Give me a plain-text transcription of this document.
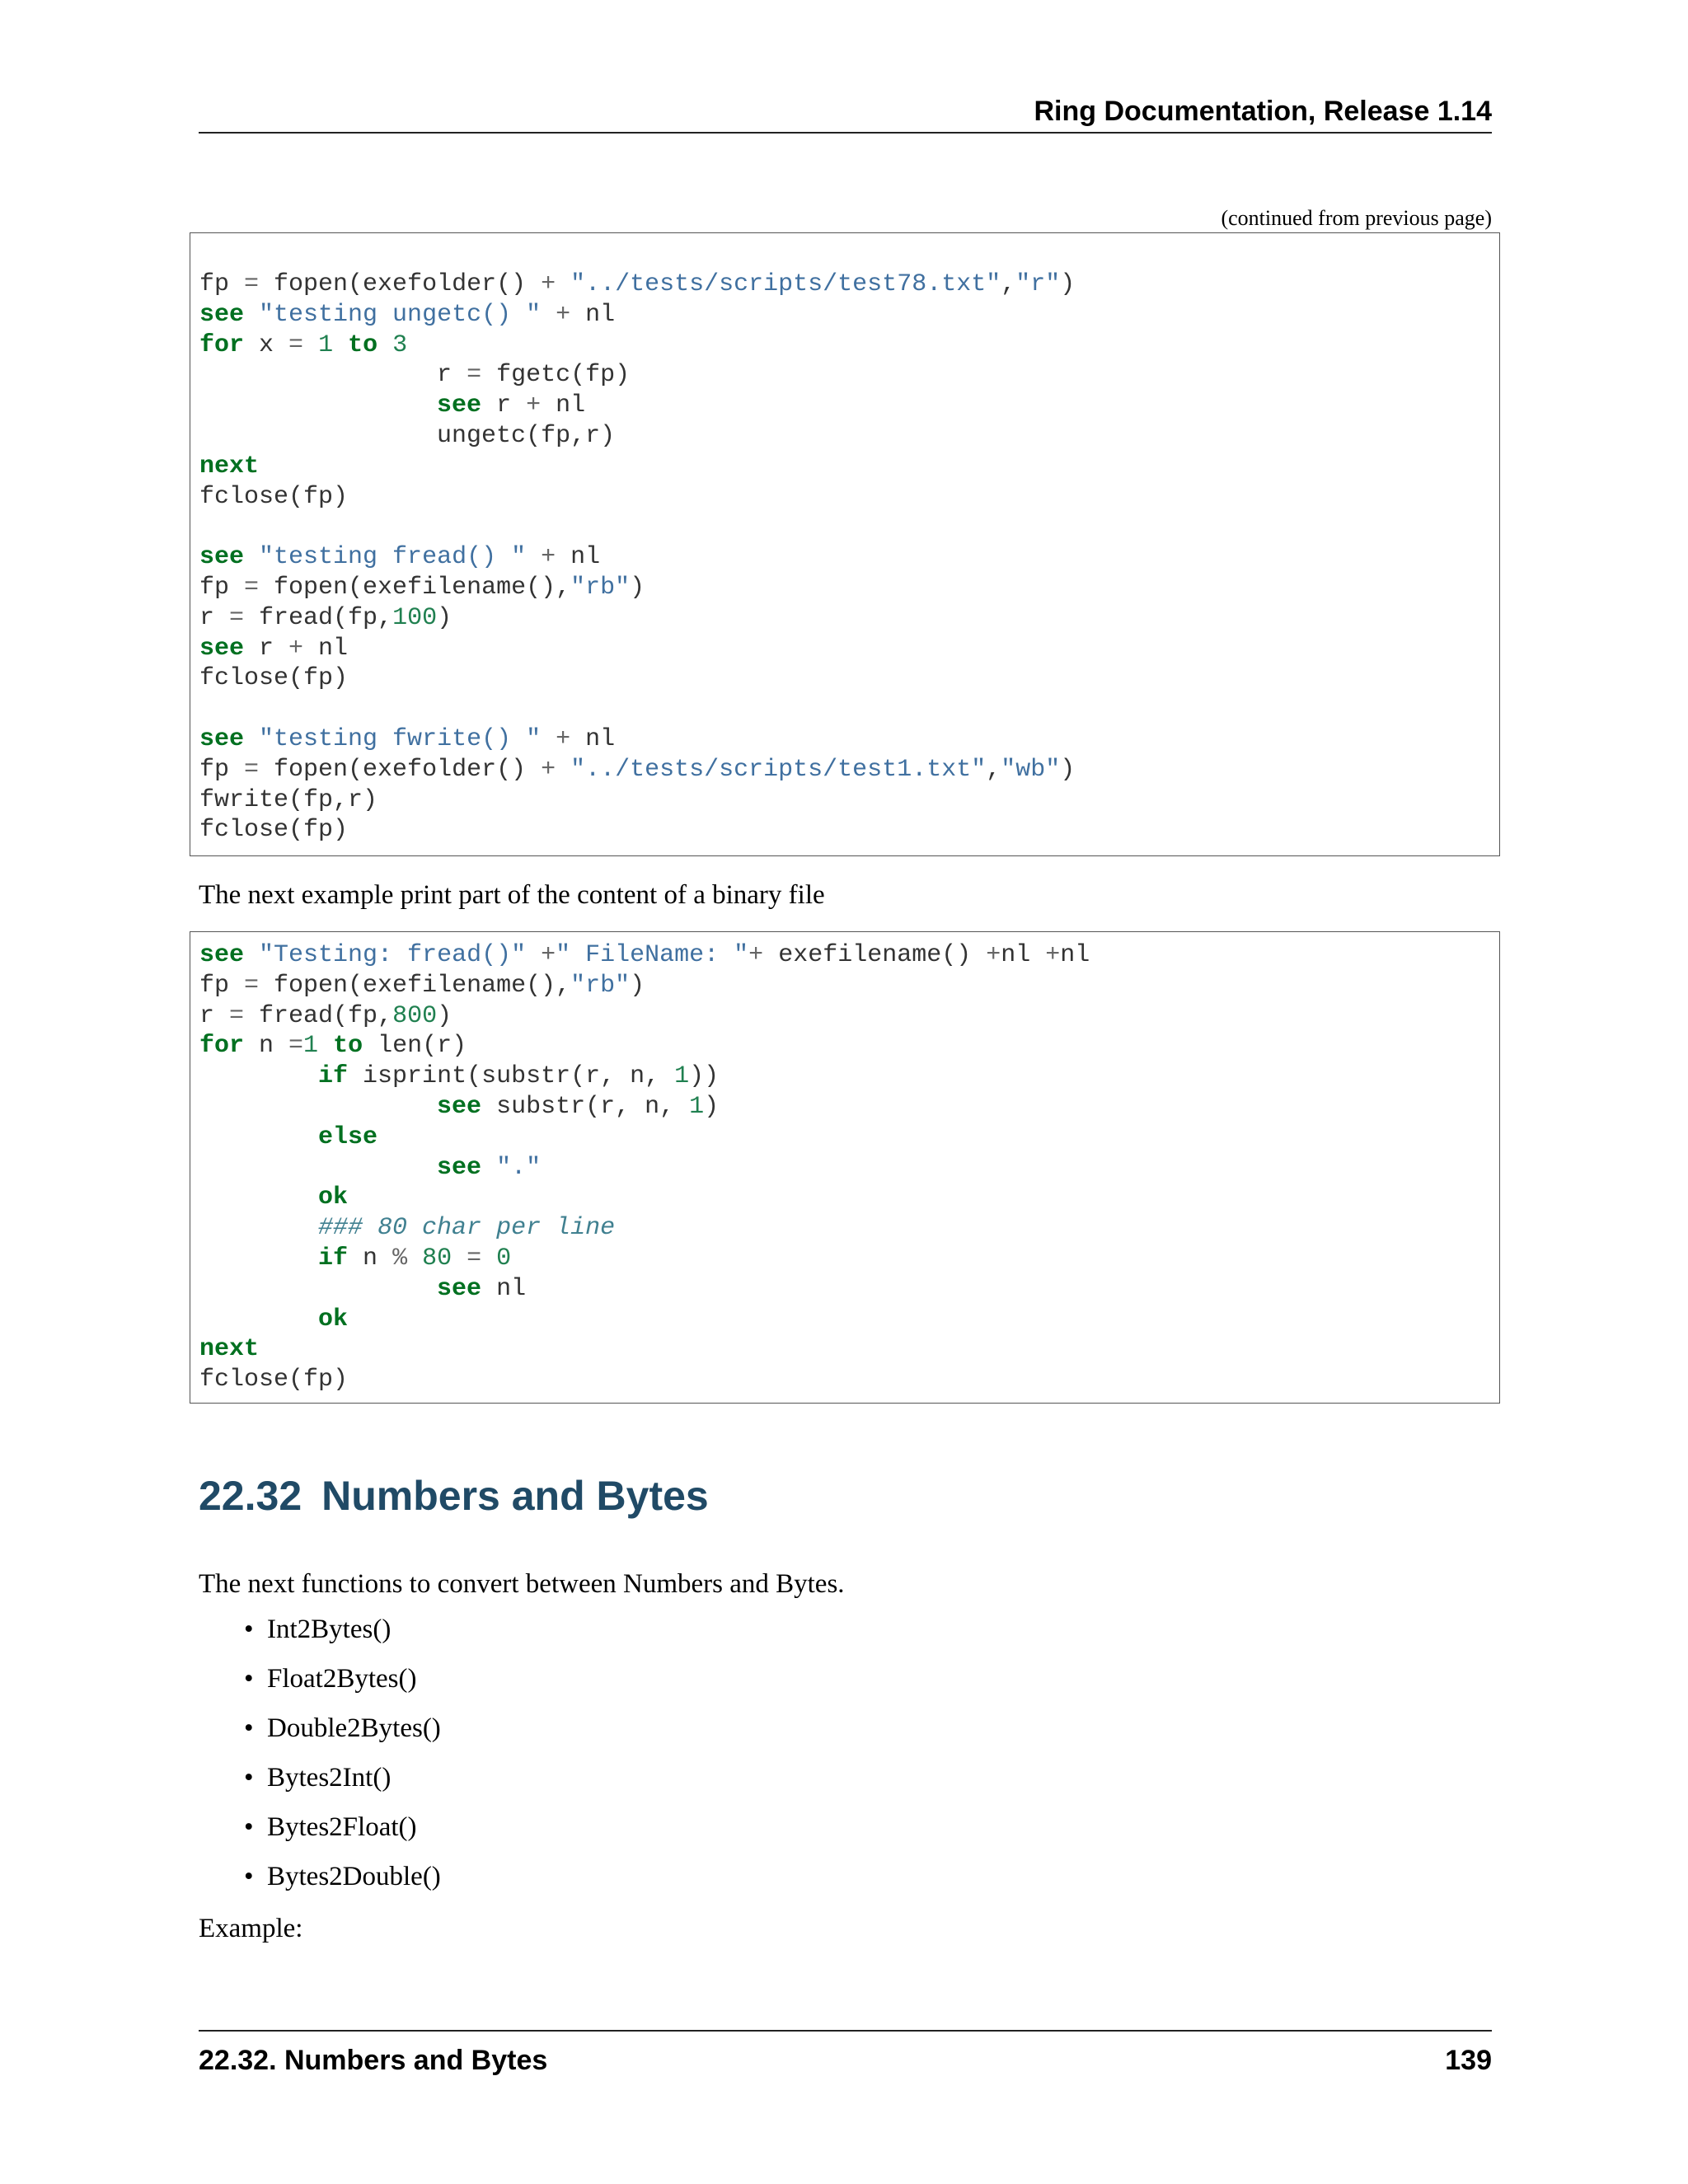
Ring Documentation, Release 1.14
(continued from previous page)
fp = fopen(exefolder() + "../tests/scripts/test78.txt","r")
see "testing ungetc() " + nl
for x = 1 to 3
r = fgetc(fp)
see r + nl
ungetc(fp,r)
next
fclose(fp)

see "testing fread() " + nl
fp = fopen(exefilename(),"rb")
r = fread(fp,100)
see r + nl
fclose(fp)

see "testing fwrite() " + nl
fp = fopen(exefolder() + "../tests/scripts/test1.txt","wb")
fwrite(fp,r)
fclose(fp)
The next example print part of the content of a binary file
see "Testing: fread()" +" FileName: "+ exefilename() +nl +nl
fp = fopen(exefilename(),"rb")
r = fread(fp,800)
for n =1 to len(r)
if isprint(substr(r, n, 1))
see substr(r, n, 1)
else
see "."
ok
### 80 char per line
if n % 80 = 0
see nl
ok
next
fclose(fp)
22.32 Numbers and Bytes
The next functions to convert between Numbers and Bytes.
• Int2Bytes()
• Float2Bytes()
• Double2Bytes()
• Bytes2Int()
• Bytes2Float()
• Bytes2Double()
Example:
22.32. Numbers and Bytes	139
